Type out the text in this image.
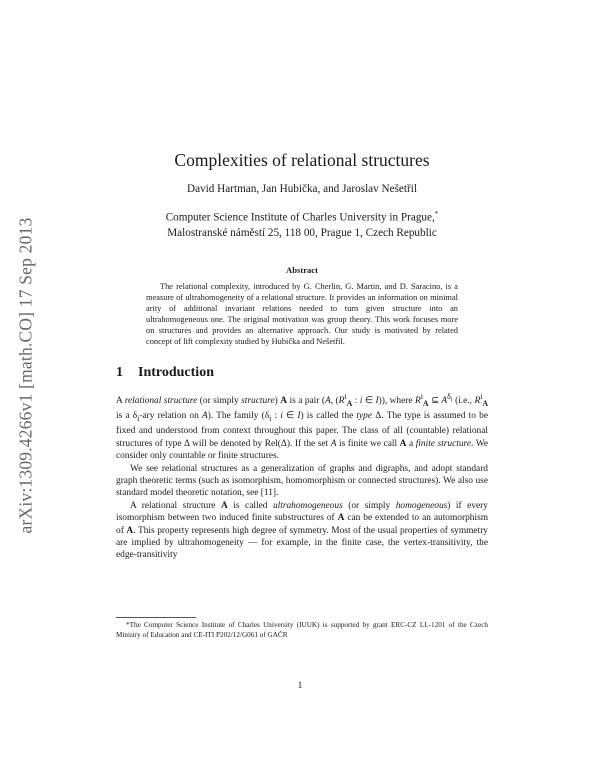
arXiv:1309.4266v1 [math.CO] 17 Sep 2013
Complexities of relational structures
David Hartman, Jan Hubička, and Jaroslav Nešetřil
Computer Science Institute of Charles University in Prague,*
Malostranské náměstí 25, 118 00, Prague 1, Czech Republic
Abstract
The relational complexity, introduced by G. Cherlin, G. Martin, and D. Saracino, is a measure of ultrahomogeneity of a relational structure. It provides an information on minimal arity of additional invariant relations needed to turn given structure into an ultrahomogeneous one. The original motivation was group theory. This work focuses more on structures and provides an alternative approach. Our study is motivated by related concept of lift complexity studied by Hubička and Nešetřil.
1 Introduction

A relational structure (or simply structure) A is a pair (A, ($R^i_A$ : i ∈ I)), where $R^i_A$ ⊆ $A^{\delta_i}$ (i.e., $R^i_A$ is a $\delta_i$-ary relation on A). The family ($\delta_i$ : i ∈ I) is called the type Δ. The type is assumed to be fixed and understood from context throughout this paper. The class of all (countable) relational structures of type Δ will be denoted by Rel(Δ). If the set A is finite we call A a finite structure. We consider only countable or finite structures.

We see relational structures as a generalization of graphs and digraphs, and adopt standard graph theoretic terms (such as isomorphism, homomorphism or connected structures). We also use standard model theoretic notation, see [11].

A relational structure A is called ultrahomogeneous (or simply homogeneous) if every isomorphism between two induced finite substructures of A can be extended to an automorphism of A. This property represents high degree of symmetry. Most of the usual properties of symmetry are implied by ultrahomogeneity — for example, in the finite case, the vertex-transitivity, the edge-transitivity

*The Computer Science Institute of Charles University (IUUK) is supported by grant ERC-CZ LL-1201 of the Czech Ministry of Education and CE-ITI P202/12/G061 of GAČR
1
